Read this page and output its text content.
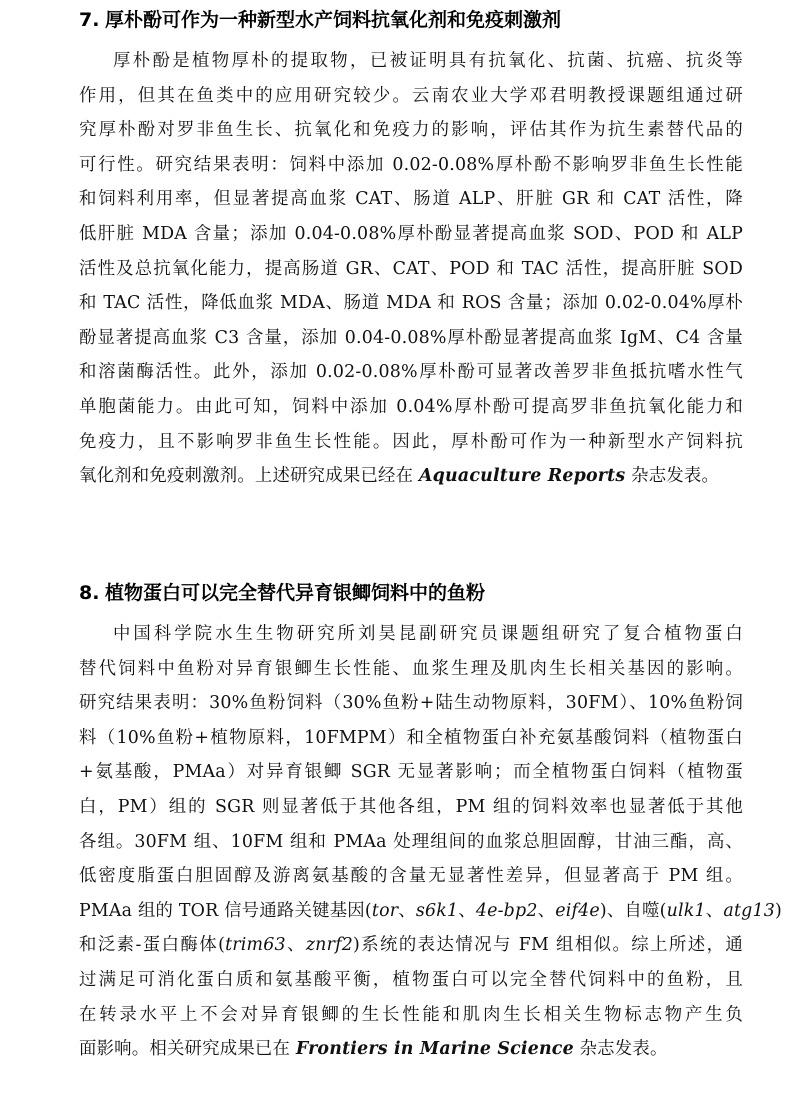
7. 厚朴酚可作为一种新型水产饲料抗氧化剂和免疫刺激剂
厚朴酚是植物厚朴的提取物，已被证明具有抗氧化、抗菌、抗癌、抗炎等
作用，但其在鱼类中的应用研究较少。云南农业大学邓君明教授课题组通过研
究厚朴酚对罗非鱼生长、抗氧化和免疫力的影响，评估其作为抗生素替代品的
可行性。研究结果表明：饲料中添加 0.02-0.08%厚朴酚不影响罗非鱼生长性能
和饲料利用率，但显著提高血浆 CAT、肠道 ALP、肝脏 GR 和 CAT 活性，降
低肝脏 MDA 含量；添加 0.04-0.08%厚朴酚显著提高血浆 SOD、POD 和 ALP
活性及总抗氧化能力，提高肠道 GR、CAT、POD 和 TAC 活性，提高肝脏 SOD
和 TAC 活性，降低血浆 MDA、肠道 MDA 和 ROS 含量；添加 0.02-0.04%厚朴
酚显著提高血浆 C3 含量，添加 0.04-0.08%厚朴酚显著提高血浆 IgM、C4 含量
和溶菌酶活性。此外，添加 0.02-0.08%厚朴酚可显著改善罗非鱼抵抗嗜水性气
单胞菌能力。由此可知，饲料中添加 0.04%厚朴酚可提高罗非鱼抗氧化能力和
免疫力，且不影响罗非鱼生长性能。因此，厚朴酚可作为一种新型水产饲料抗
氧化剂和免疫刺激剂。上述研究成果已经在 Aquaculture Reports 杂志发表。
8. 植物蛋白可以完全替代异育银鲫饲料中的鱼粉
中国科学院水生生物研究所刘昊昆副研究员课题组研究了复合植物蛋白
替代饲料中鱼粉对异育银鲫生长性能、血浆生理及肌肉生长相关基因的影响。
研究结果表明：30%鱼粉饲料（30%鱼粉+陆生动物原料，30FM）、10%鱼粉饲
料（10%鱼粉+植物原料，10FMPM）和全植物蛋白补充氨基酸饲料（植物蛋白
+氨基酸，PMAa）对异育银鲫 SGR 无显著影响；而全植物蛋白饲料（植物蛋
白，PM）组的 SGR 则显著低于其他各组，PM 组的饲料效率也显著低于其他
各组。30FM 组、10FM 组和 PMAa 处理组间的血浆总胆固醇，甘油三酯，高、
低密度脂蛋白胆固醇及游离氨基酸的含量无显著性差异，但显著高于 PM 组。
PMAa 组的 TOR 信号通路关键基因(tor、s6k1、4e-bp2、eif4e)、自噬(ulk1、atg13)
和泛素-蛋白酶体(trim63、znrf2)系统的表达情况与 FM 组相似。综上所述，通
过满足可消化蛋白质和氨基酸平衡，植物蛋白可以完全替代饲料中的鱼粉，且
在转录水平上不会对异育银鲫的生长性能和肌肉生长相关生物标志物产生负
面影响。相关研究成果已在 Frontiers in Marine Science 杂志发表。
